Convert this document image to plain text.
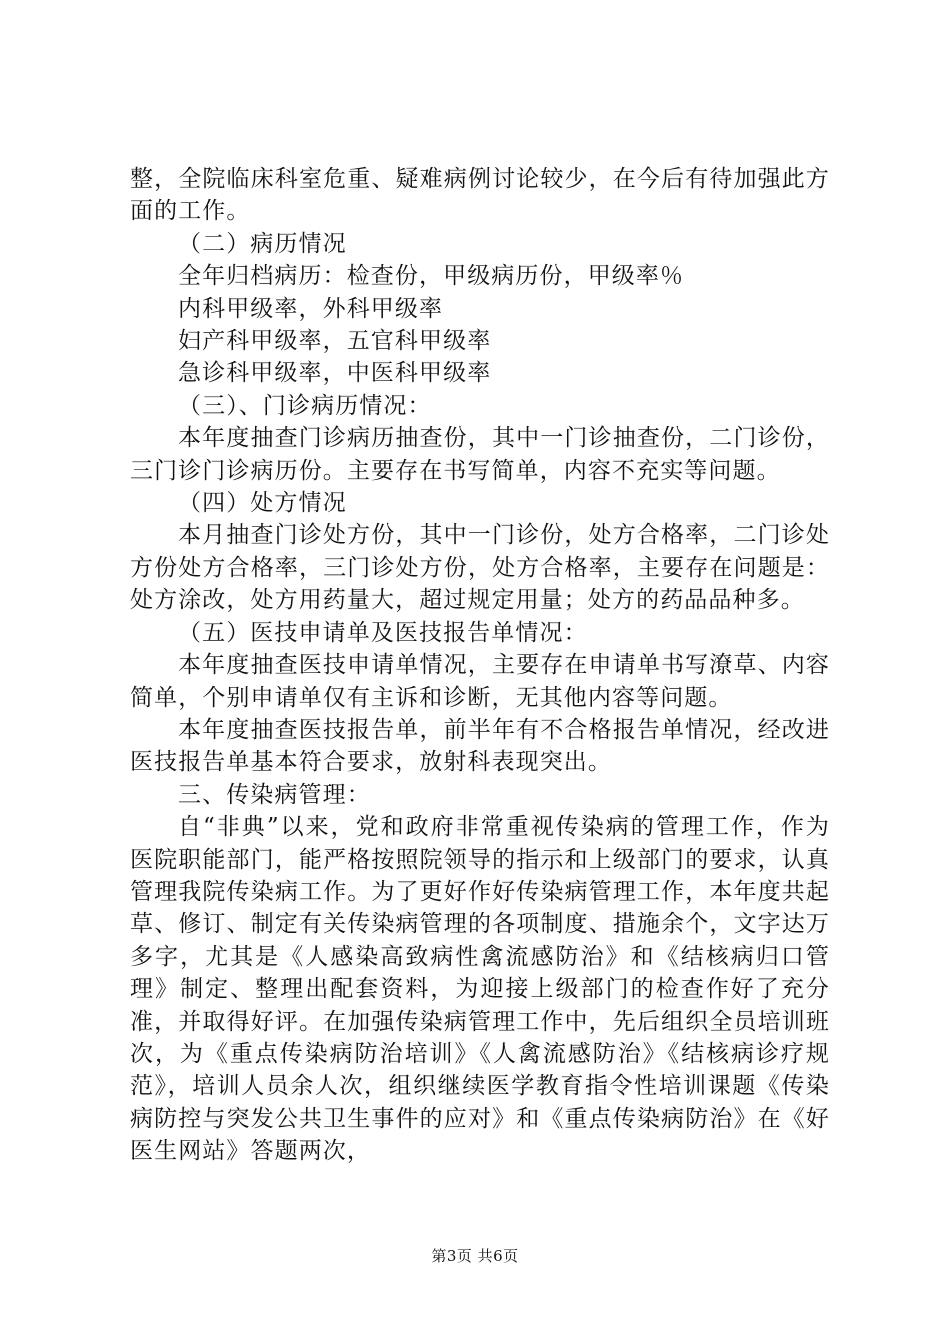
整，全院临床科室危重、疑难病例讨论较少，在今后有待加强此方面的工作。

（二）病历情况

全年归档病历：检查份，甲级病历份，甲级率％

内科甲级率，外科甲级率

妇产科甲级率，五官科甲级率

急诊科甲级率，中医科甲级率

（三）、门诊病历情况：

本年度抽查门诊病历抽查份，其中一门诊抽查份，二门诊份，三门诊门诊病历份。主要存在书写简单，内容不充实等问题。

（四）处方情况

本月抽查门诊处方份，其中一门诊份，处方合格率，二门诊处方份处方合格率，三门诊处方份，处方合格率，主要存在问题是：处方涂改，处方用药量大，超过规定用量；处方的药品品种多。

（五）医技申请单及医技报告单情况：

本年度抽查医技申请单情况，主要存在申请单书写潦草、内容简单，个别申请单仅有主诉和诊断，无其他内容等问题。

本年度抽查医技报告单，前半年有不合格报告单情况，经改进医技报告单基本符合要求，放射科表现突出。

三、传染病管理：

自“非典”以来，党和政府非常重视传染病的管理工作，作为医院职能部门，能严格按照院领导的指示和上级部门的要求，认真管理我院传染病工作。为了更好作好传染病管理工作，本年度共起草、修订、制定有关传染病管理的各项制度、措施余个，文字达万多字，尤其是《人感染高致病性禽流感防治》和《结核病归口管理》制定、整理出配套资料，为迎接上级部门的检查作好了充分准，并取得好评。在加强传染病管理工作中，先后组织全员培训班次，为《重点传染病防治培训》《人禽流感防治》《结核病诊疗规范》，培训人员余人次，组织继续医学教育指令性培训课题《传染病防控与突发公共卫生事件的应对》和《重点传染病防治》在《好医生网站》答题两次，

第3页 共6页
